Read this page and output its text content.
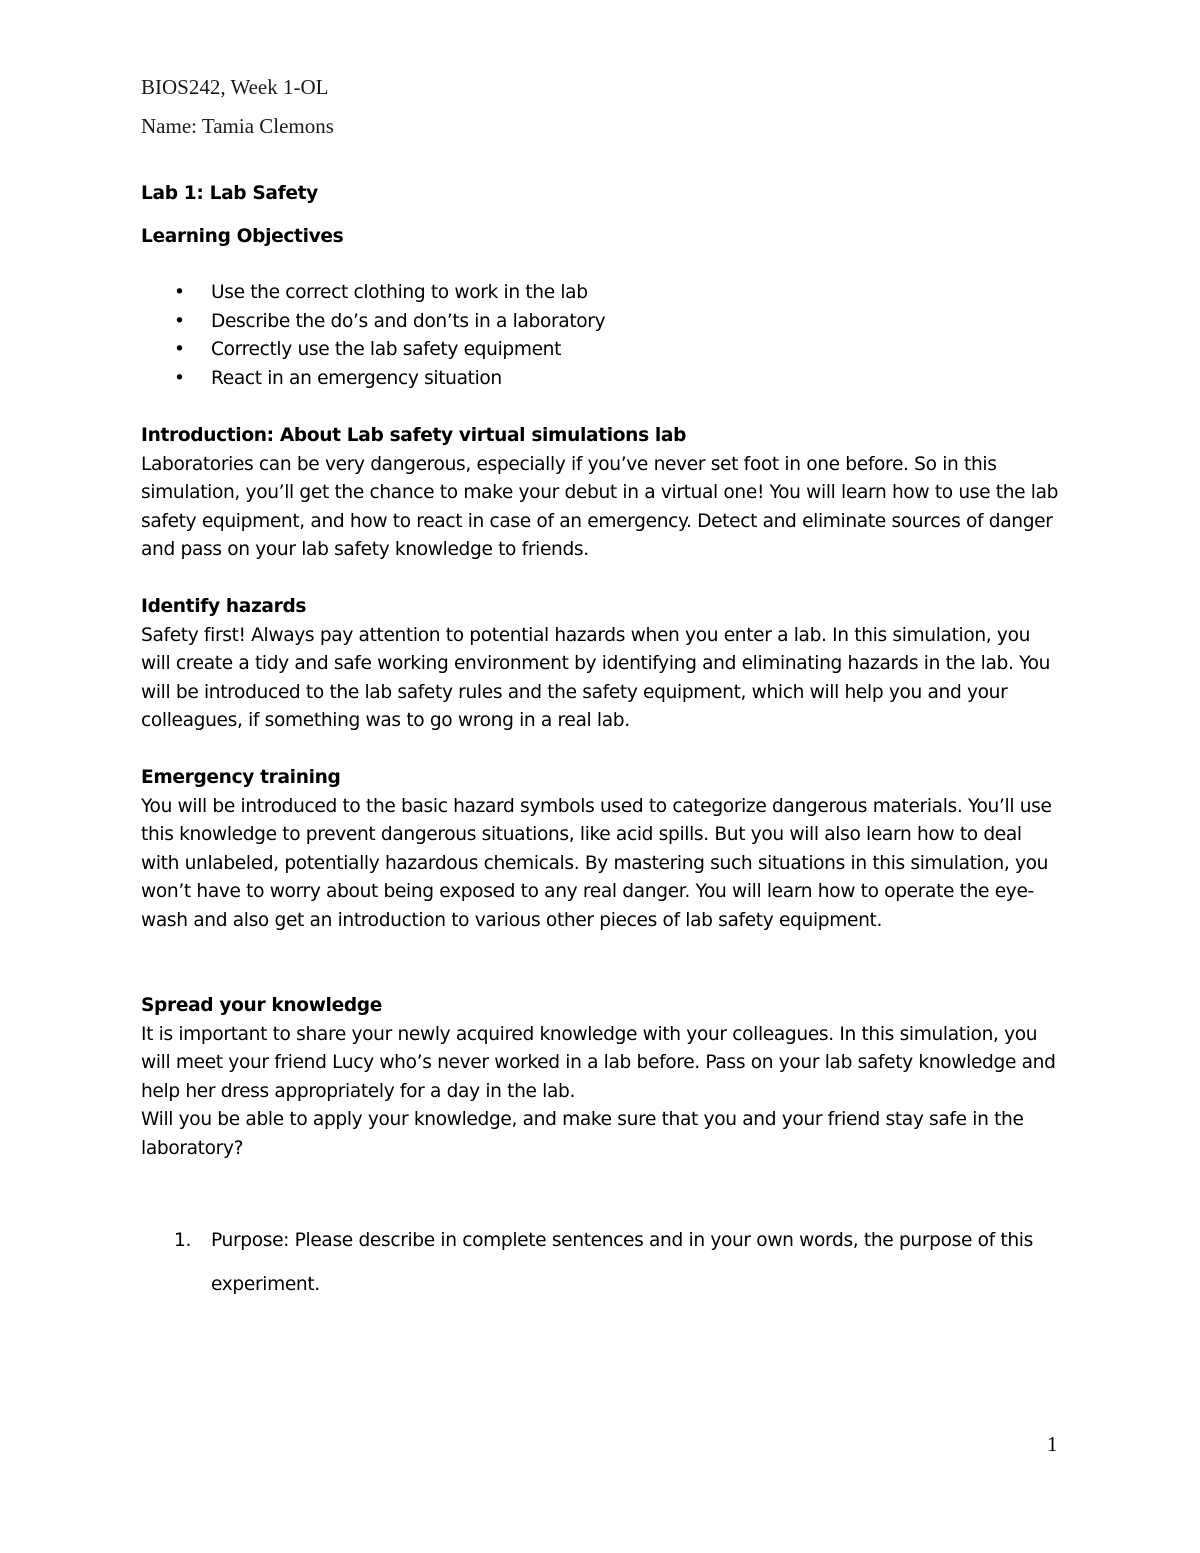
BIOS242, Week 1-OL
Name: Tamia Clemons
Lab 1: Lab Safety
Learning Objectives
• Use the correct clothing to work in the lab
• Describe the do’s and don’ts in a laboratory
• Correctly use the lab safety equipment
• React in an emergency situation
Introduction: About Lab safety virtual simulations lab
Laboratories can be very dangerous, especially if you’ve never set foot in one before. So in this simulation, you’ll get the chance to make your debut in a virtual one! You will learn how to use the lab safety equipment, and how to react in case of an emergency. Detect and eliminate sources of danger and pass on your lab safety knowledge to friends.
Identify hazards
Safety first! Always pay attention to potential hazards when you enter a lab. In this simulation, you will create a tidy and safe working environment by identifying and eliminating hazards in the lab. You will be introduced to the lab safety rules and the safety equipment, which will help you and your colleagues, if something was to go wrong in a real lab.
Emergency training
You will be introduced to the basic hazard symbols used to categorize dangerous materials. You’ll use this knowledge to prevent dangerous situations, like acid spills. But you will also learn how to deal with unlabeled, potentially hazardous chemicals. By mastering such situations in this simulation, you won’t have to worry about being exposed to any real danger. You will learn how to operate the eye-wash and also get an introduction to various other pieces of lab safety equipment.
Spread your knowledge
It is important to share your newly acquired knowledge with your colleagues. In this simulation, you will meet your friend Lucy who’s never worked in a lab before. Pass on your lab safety knowledge and help her dress appropriately for a day in the lab.
Will you be able to apply your knowledge, and make sure that you and your friend stay safe in the laboratory?
1.	Purpose: Please describe in complete sentences and in your own words, the purpose of this experiment.
1
